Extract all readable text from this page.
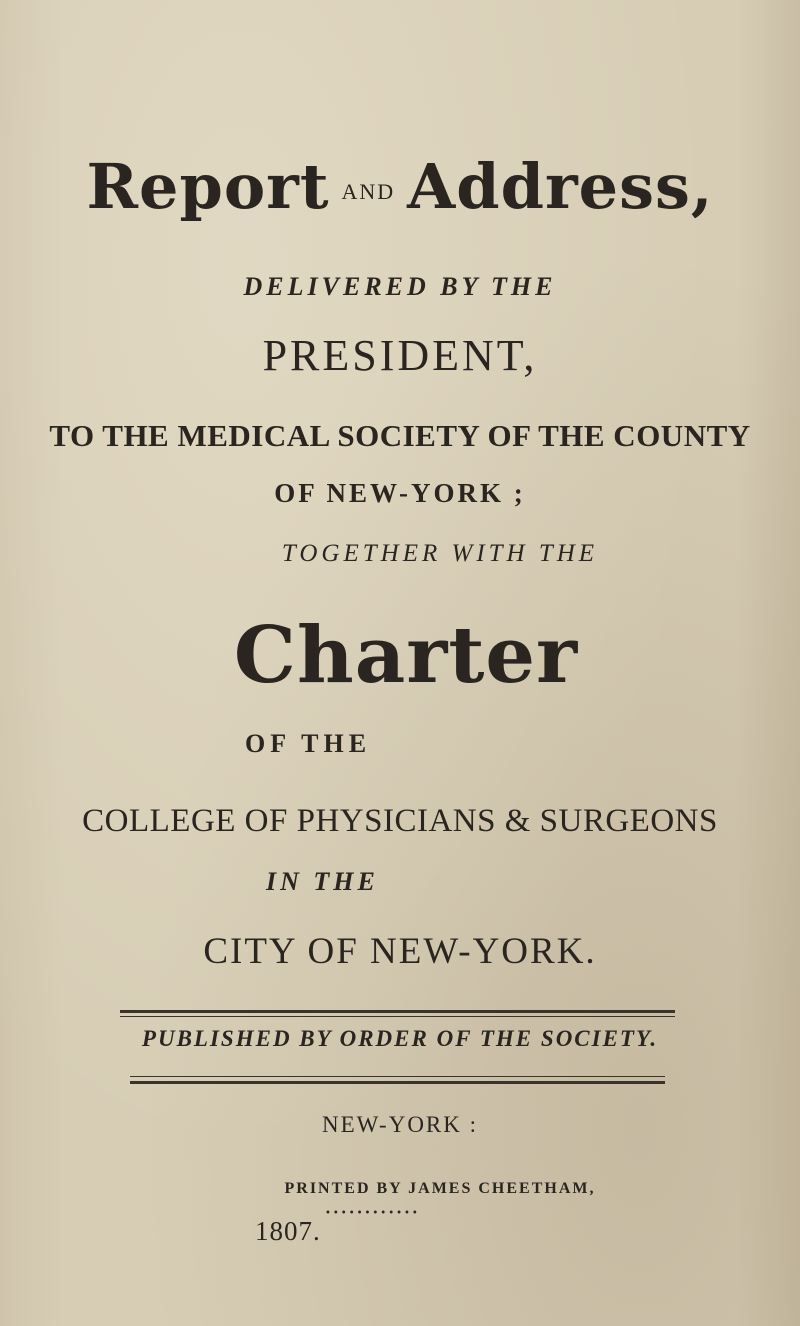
Report AND Address,
DELIVERED BY THE
PRESIDENT,
TO THE MEDICAL SOCIETY OF THE COUNTY
OF NEW-YORK ;
TOGETHER WITH THE
Charter
OF THE
COLLEGE OF PHYSICIANS & SURGEONS
IN THE
CITY OF NEW-YORK.
PUBLISHED BY ORDER OF THE SOCIETY.
NEW-YORK :
PRINTED BY JAMES CHEETHAM,
••••••••••••
1807.
